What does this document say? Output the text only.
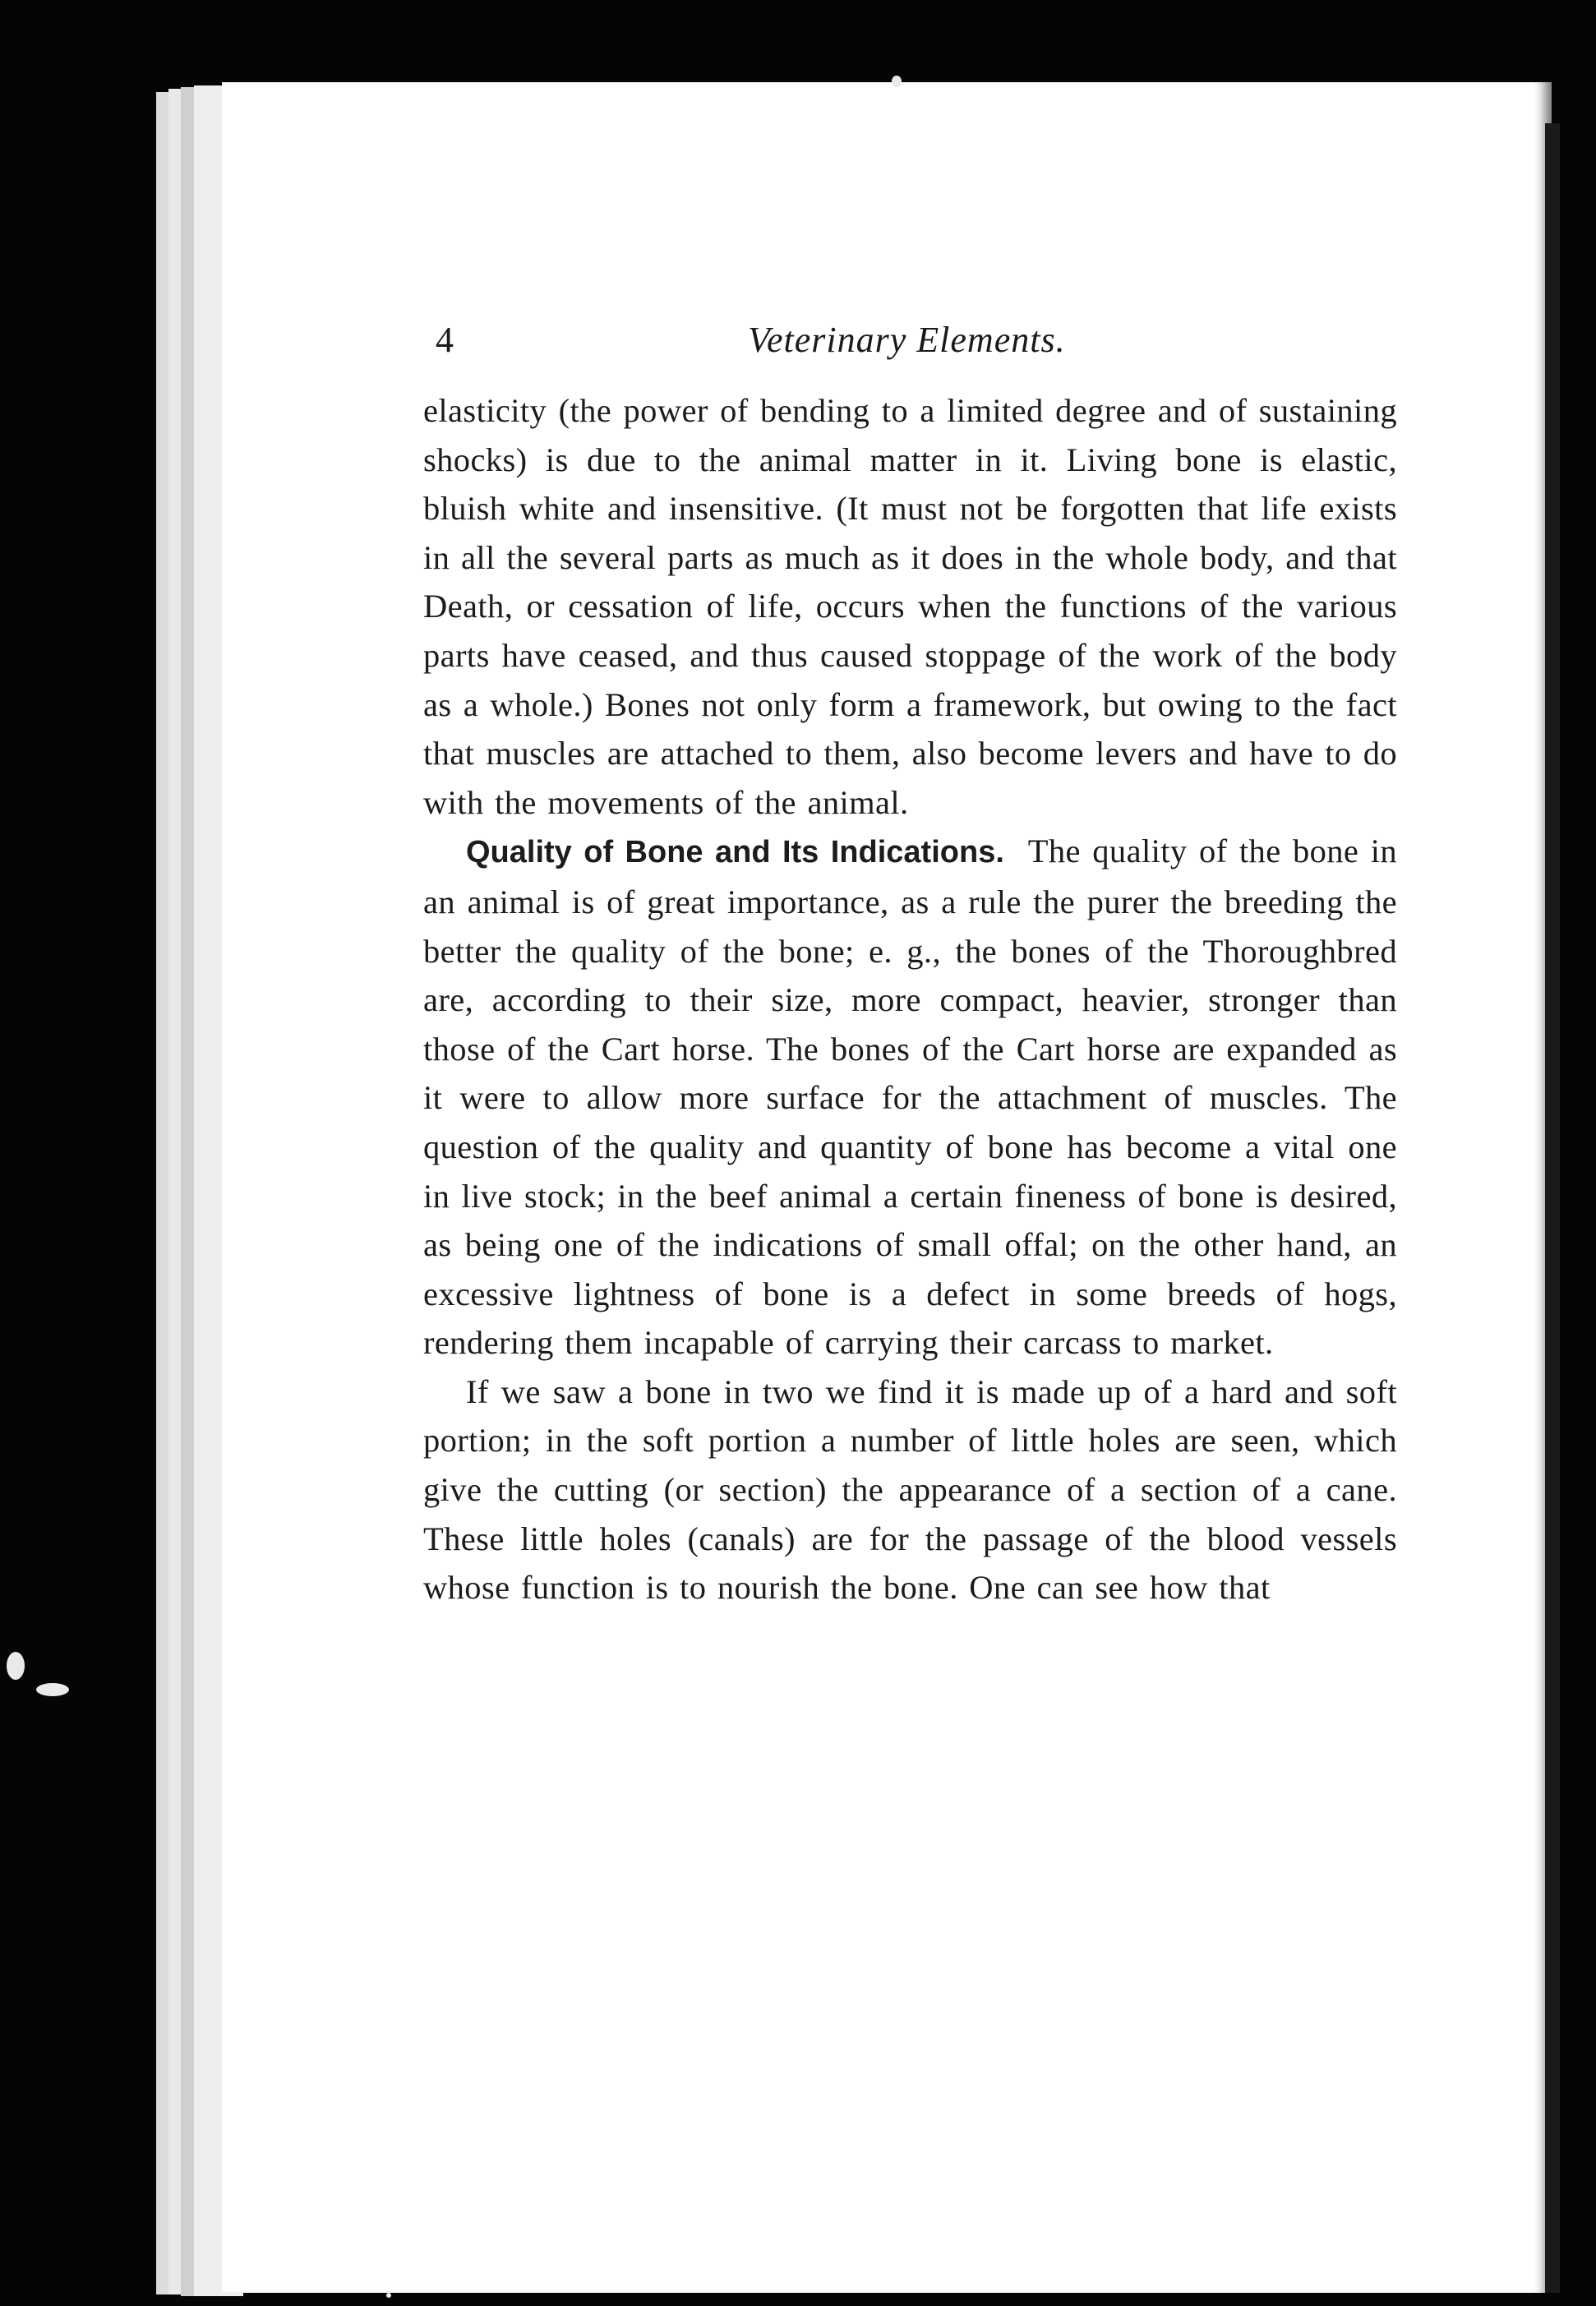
4	Veterinary Elements.

elasticity (the power of bending to a limited degree and of sustaining shocks) is due to the animal matter in it. Living bone is elastic, bluish white and insensitive. (It must not be forgotten that life exists in all the several parts as much as it does in the whole body, and that Death, or cessation of life, occurs when the functions of the various parts have ceased, and thus caused stoppage of the work of the body as a whole.) Bones not only form a framework, but owing to the fact that muscles are attached to them, also become levers and have to do with the movements of the animal.

Quality of Bone and Its Indications. The quality of the bone in an animal is of great importance, as a rule the purer the breeding the better the quality of the bone; e. g., the bones of the Thoroughbred are, according to their size, more compact, heavier, stronger than those of the Cart horse. The bones of the Cart horse are expanded as it were to allow more surface for the attachment of muscles. The question of the quality and quantity of bone has become a vital one in live stock; in the beef animal a certain fineness of bone is desired, as being one of the indications of small offal; on the other hand, an excessive lightness of bone is a defect in some breeds of hogs, rendering them incapable of carrying their carcass to market.

If we saw a bone in two we find it is made up of a hard and soft portion; in the soft portion a number of little holes are seen, which give the cutting (or section) the appearance of a section of a cane. These little holes (canals) are for the passage of the blood vessels whose function is to nourish the bone. One can see how that
